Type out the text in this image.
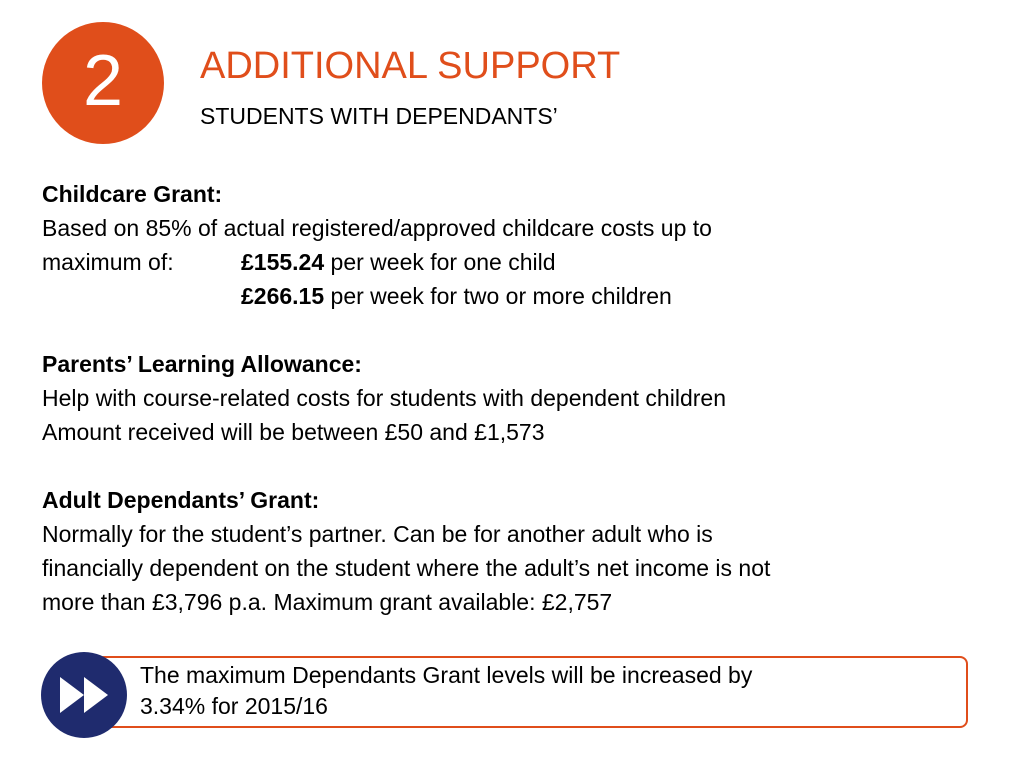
2 ADDITIONAL SUPPORT
STUDENTS WITH DEPENDANTS’
Childcare Grant:
Based on 85% of actual registered/approved childcare costs up to
maximum of:	£155.24 per week for one child
£266.15 per week for two or more children
Parents’ Learning Allowance:
Help with course-related costs for students with dependent children
Amount received will be between £50 and £1,573
Adult Dependants’ Grant:
Normally for the student’s partner. Can be for another adult who is
financially dependent on the student where the adult’s net income is not
more than £3,796 p.a. Maximum grant available: £2,757
The maximum Dependants Grant levels will be increased by
3.34% for 2015/16
